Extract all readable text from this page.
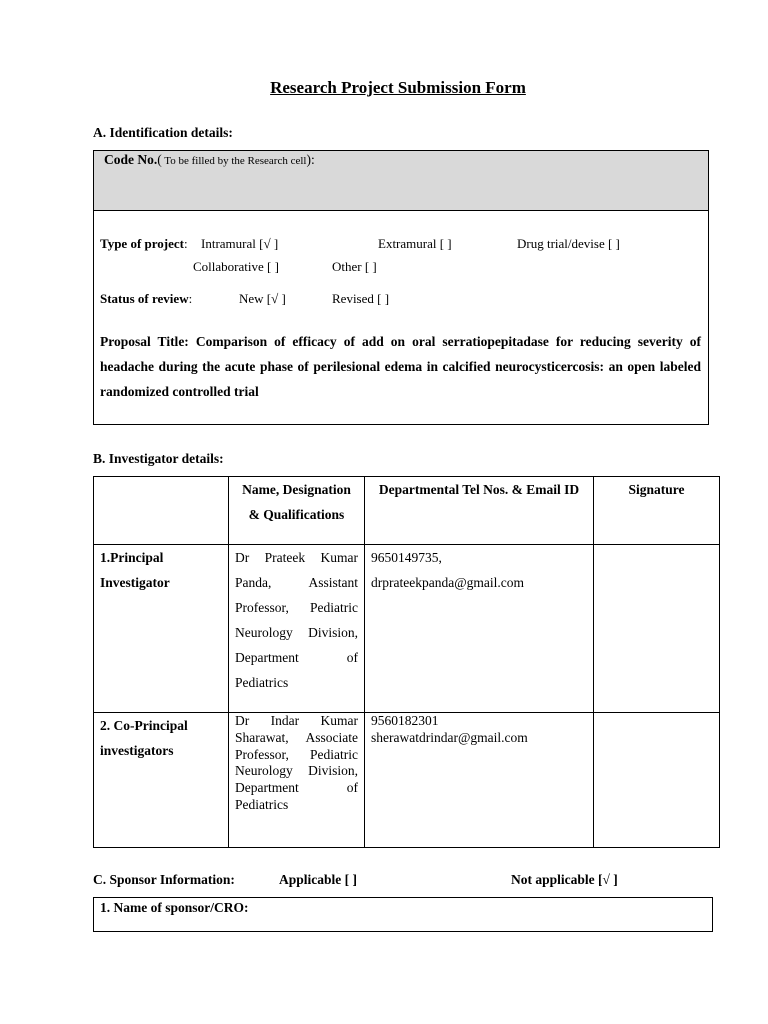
Research Project Submission Form
A. Identification details:
Code No.( To be filled by the Research cell):
Type of project: Intramural [√ ]	Extramural [ ]	Drug trial/devise [ ]
Collaborative [ ]	Other [ ]
Status of review:	New [√ ]	Revised [ ]
Proposal Title: Comparison of efficacy of add on oral serratiopepitadase for reducing severity of headache during the acute phase of perilesional edema in calcified neurocysticercosis: an open labeled randomized controlled trial
B. Investigator details:
	Name, Designation & Qualifications	Departmental Tel Nos. & Email ID	Signature
1.Principal Investigator	Dr Prateek Kumar Panda, Assistant Professor, Pediatric Neurology Division, Department of Pediatrics	9650149735,
drprateekpanda@gmail.com	

2. Co-Principal investigators	Dr Indar Kumar Sharawat, Associate Professor, Pediatric Neurology Division, Department of Pediatrics	9560182301
sherawatdrindar@gmail.com	

C. Sponsor Information:	Applicable [ ]	Not applicable [√ ]
1. Name of sponsor/CRO:
